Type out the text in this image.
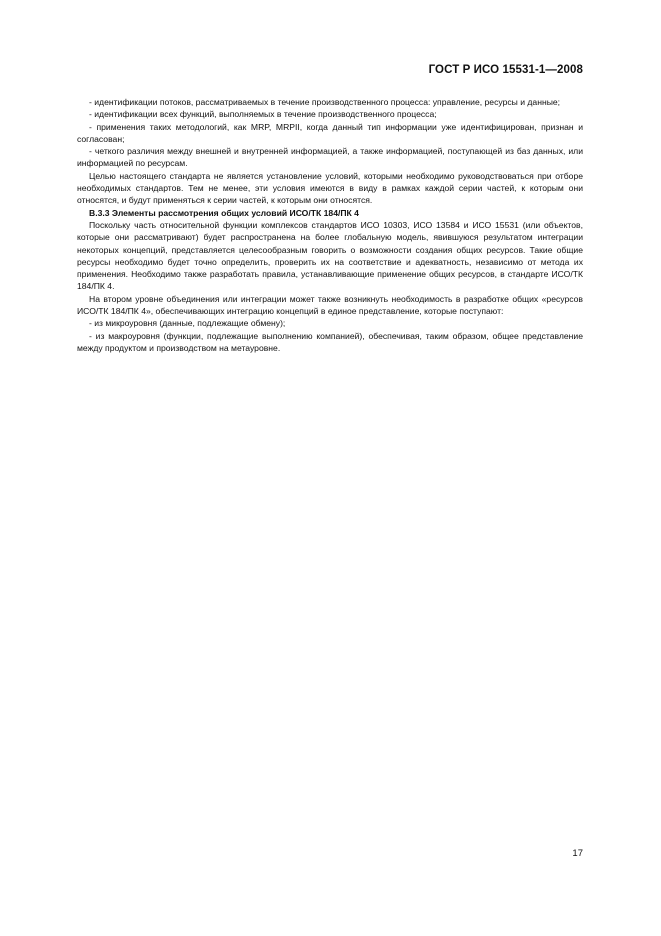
ГОСТ Р ИСО 15531-1—2008

- идентификации потоков, рассматриваемых в течение производственного процесса: управление, ресурсы и данные;

- идентификации всех функций, выполняемых в течение производственного процесса;

- применения таких методологий, как MRP, MRPII, когда данный тип информации уже идентифицирован, признан и согласован;

- четкого различия между внешней и внутренней информацией, а также информацией, поступающей из баз данных, или информацией по ресурсам.

Целью настоящего стандарта не является установление условий, которыми необходимо руководствоваться при отборе необходимых стандартов. Тем не менее, эти условия имеются в виду в рамках каждой серии частей, к которым они относятся, и будут применяться к серии частей, к которым они относятся.

В.3.3 Элементы рассмотрения общих условий ИСО/ТК 184/ПК 4

Поскольку часть относительной функции комплексов стандартов ИСО 10303, ИСО 13584 и ИСО 15531 (или объектов, которые они рассматривают) будет распространена на более глобальную модель, явившуюся результатом интеграции некоторых концепций, представляется целесообразным говорить о возможности создания общих ресурсов. Такие общие ресурсы необходимо будет точно определить, проверить их на соответствие и адекватность, независимо от метода их применения. Необходимо также разработать правила, устанавливающие применение общих ресурсов, в стандарте ИСО/ТК 184/ПК 4.

На втором уровне объединения или интеграции может также возникнуть необходимость в разработке общих «ресурсов ИСО/ТК 184/ПК 4», обеспечивающих интеграцию концепций в единое представление, которые поступают:

- из микроуровня (данные, подлежащие обмену);

- из макроуровня (функции, подлежащие выполнению компанией), обеспечивая, таким образом, общее представление между продуктом и производством на метауровне.

17
